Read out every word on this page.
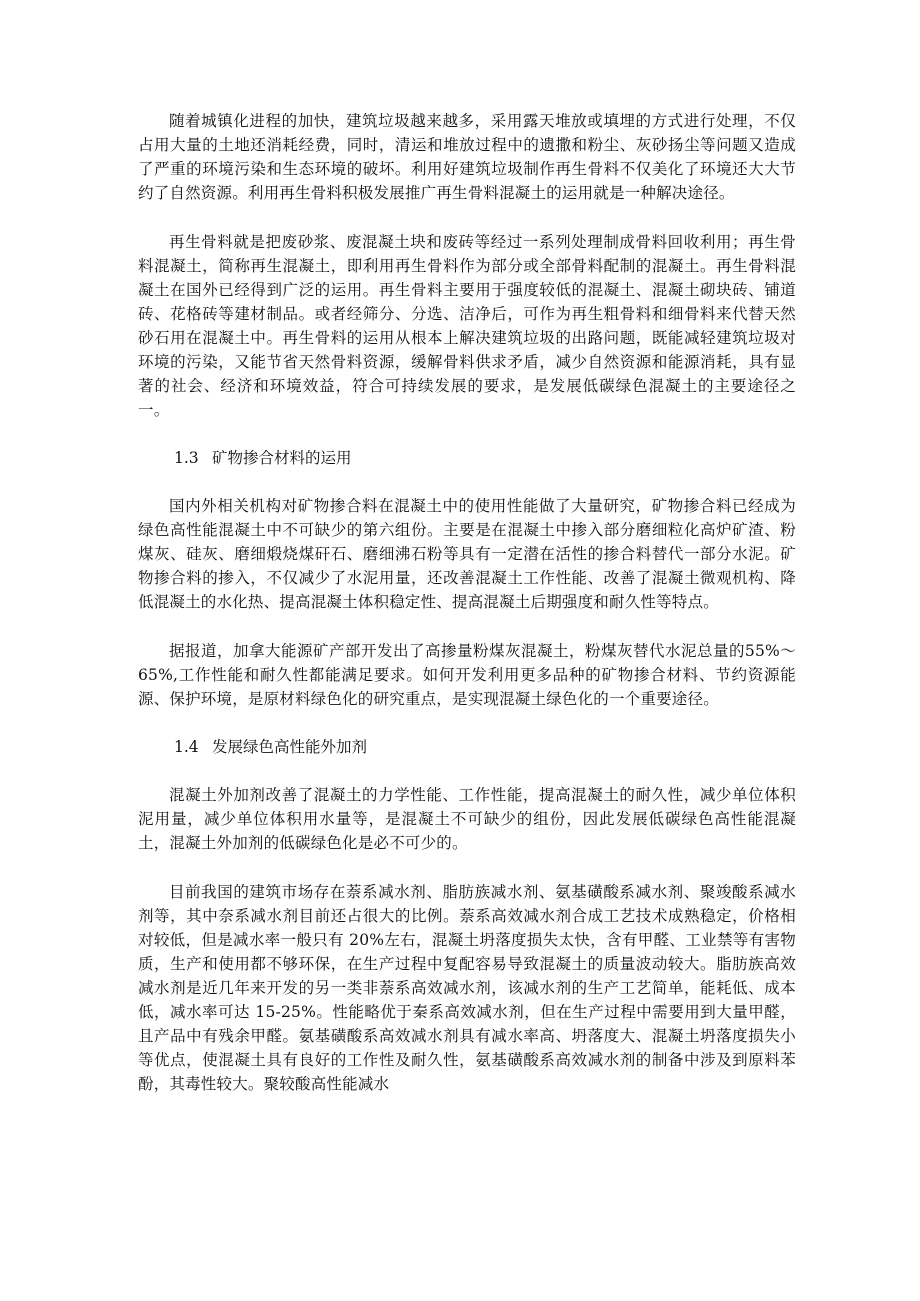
随着城镇化进程的加快，建筑垃圾越来越多，采用露天堆放或填埋的方式进行处理，不仅占用大量的土地还消耗经费，同时，清运和堆放过程中的遗撒和粉尘、灰砂扬尘等问题又造成了严重的环境污染和生态环境的破坏。利用好建筑垃圾制作再生骨料不仅美化了环境还大大节约了自然资源。利用再生骨料积极发展推广再生骨料混凝土的运用就是一种解决途径。

再生骨料就是把废砂浆、废混凝土块和废砖等经过一系列处理制成骨料回收利用；再生骨料混凝土，简称再生混凝土，即利用再生骨料作为部分或全部骨料配制的混凝土。再生骨料混凝土在国外已经得到广泛的运用。再生骨料主要用于强度较低的混凝土、混凝土砌块砖、铺道砖、花格砖等建材制品。或者经筛分、分选、洁净后，可作为再生粗骨料和细骨料来代替天然砂石用在混凝土中。再生骨料的运用从根本上解决建筑垃圾的出路问题，既能减轻建筑垃圾对环境的污染，又能节省天然骨料资源，缓解骨料供求矛盾，减少自然资源和能源消耗，具有显著的社会、经济和环境效益，符合可持续发展的要求，是发展低碳绿色混凝土的主要途径之一。

1.3 矿物掺合材料的运用

国内外相关机构对矿物掺合料在混凝土中的使用性能做了大量研究，矿物掺合料已经成为绿色高性能混凝土中不可缺少的第六组份。主要是在混凝土中掺入部分磨细粒化高炉矿渣、粉煤灰、硅灰、磨细煅烧煤矸石、磨细沸石粉等具有一定潜在活性的掺合料替代一部分水泥。矿物掺合料的掺入，不仅减少了水泥用量，还改善混凝土工作性能、改善了混凝土微观机构、降低混凝土的水化热、提高混凝土体积稳定性、提高混凝土后期强度和耐久性等特点。

据报道，加拿大能源矿产部开发出了高掺量粉煤灰混凝土，粉煤灰替代水泥总量的55%～65%,工作性能和耐久性都能满足要求。如何开发利用更多品种的矿物掺合材料、节约资源能源、保护环境，是原材料绿色化的研究重点，是实现混凝土绿色化的一个重要途径。

1.4 发展绿色高性能外加剂

混凝土外加剂改善了混凝土的力学性能、工作性能，提高混凝土的耐久性，减少单位体积泥用量，减少单位体积用水量等，是混凝土不可缺少的组份，因此发展低碳绿色高性能混凝土，混凝土外加剂的低碳绿色化是必不可少的。

目前我国的建筑市场存在萘系减水剂、脂肪族减水剂、氨基磺酸系减水剂、聚竣酸系减水剂等，其中奈系减水剂目前还占很大的比例。萘系高效减水剂合成工艺技术成熟稳定，价格相对较低，但是减水率一般只有 20%左右，混凝土坍落度损失太快，含有甲醛、工业禁等有害物质，生产和使用都不够环保，在生产过程中复配容易导致混凝土的质量波动较大。脂肪族高效减水剂是近几年来开发的另一类非萘系高效减水剂，该减水剂的生产工艺简单，能耗低、成本低，减水率可达 15-25%。性能略优于秦系高效减水剂，但在生产过程中需要用到大量甲醛，且产品中有残余甲醛。氨基磺酸系高效减水剂具有减水率高、坍落度大、混凝土坍落度损失小等优点，使混凝土具有良好的工作性及耐久性，氨基磺酸系高效减水剂的制备中涉及到原料苯酚，其毒性较大。聚较酸高性能减水
